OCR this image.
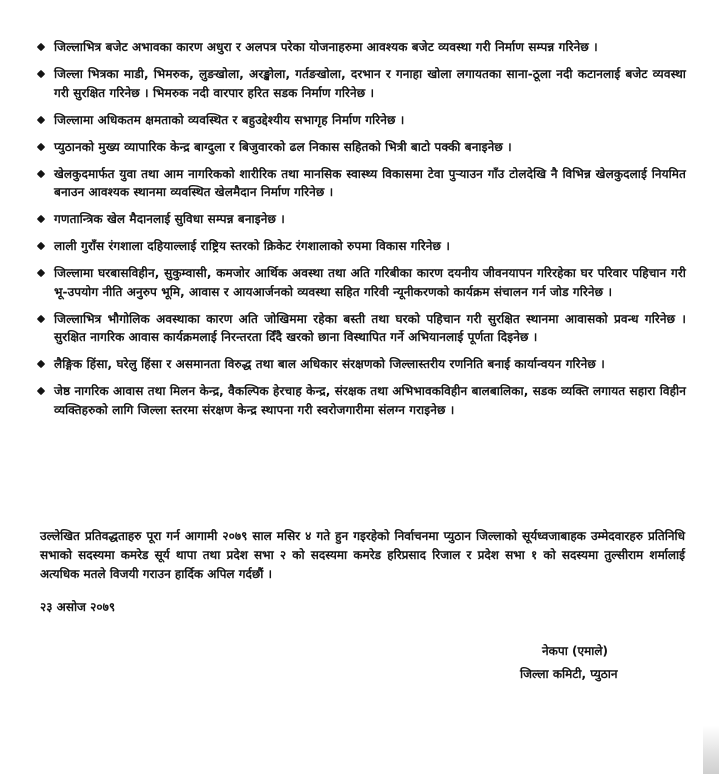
जिल्लाभित्र बजेट अभावका कारण अधुरा र अलपत्र परेका योजनाहरुमा आवश्यक बजेट व्यवस्था गरी निर्माण सम्पन्न गरिनेछ ।
जिल्ला भित्रका माडी, भिमरुक, लुङखोला, अरङ्खोला, गर्तङखोला, दरभान र गनाहा खोला लगायतका साना-ठूला नदी कटानलाई बजेट व्यवस्था गरी सुरक्षित गरिनेछ । भिमरुक नदी वारपार हरित सडक निर्माण गरिनेछ ।
जिल्लामा अधिकतम क्षमताको व्यवस्थित र बहुउद्देश्यीय सभागृह निर्माण गरिनेछ ।
प्युठानको मुख्य व्यापारिक केन्द्र बाग्दुला र बिजुवारको ढल निकास सहितको भित्री बाटो पक्की बनाइनेछ ।
खेलकुदमार्फत युवा तथा आम नागरिकको शारीरिक तथा मानसिक स्वास्थ्य विकासमा टेवा पुर्‍याउन गाँउ टोलदेखि नै विभिन्न खेलकुदलाई नियमित बनाउन आवश्यक स्थानमा व्यवस्थित खेलमैदान निर्माण गरिनेछ ।
गणतान्त्रिक खेल मैदानलाई सुविधा सम्पन्न बनाइनेछ ।
लाली गुराँस रंगशाला दहियाल्लाई राष्ट्रिय स्तरको क्रिकेट रंगशालाको रुपमा विकास गरिनेछ ।
जिल्लामा घरबासविहीन, सुकुम्वासी, कमजोर आर्थिक अवस्था तथा अति गरिबीका कारण दयनीय जीवनयापन गरिरहेका घर परिवार पहिचान गरी भू-उपयोग नीति अनुरुप भूमि, आवास र आयआर्जनको व्यवस्था सहित गरिवी न्यूनीकरणको कार्यक्रम संचालन गर्न जोड गरिनेछ ।
जिल्लाभित्र भौगोलिक अवस्थाका कारण अति जोखिममा रहेका बस्ती तथा घरको पहिचान गरी सुरक्षित स्थानमा आवासको प्रवन्ध गरिनेछ । सुरक्षित नागरिक आवास कार्यक्रमलाई निरन्तरता दिँदै खरको छाना विस्थापित गर्ने अभियानलाई पूर्णता दिइनेछ ।
लैङ्गिक हिंसा, घरेलु हिंसा र असमानता विरुद्ध तथा बाल अधिकार संरक्षणको जिल्लास्तरीय रणनिति बनाई कार्यान्वयन गरिनेछ ।
जेष्ठ नागरिक आवास तथा मिलन केन्द्र, वैकल्पिक हेरचाह केन्द्र, संरक्षक तथा अभिभावकविहीन बालबालिका, सडक व्यक्ति लगायत सहारा विहीन व्यक्तिहरुको लागि जिल्ला स्तरमा संरक्षण केन्द्र स्थापना गरी स्वरोजगारीमा संलग्न गराइनेछ ।

उल्लेखित प्रतिवद्धताहरु पूरा गर्न आगामी २०७९ साल मसिर ४ गते हुन गइरहेको निर्वाचनमा प्युठान जिल्लाको सूर्यध्वजाबाहक उम्मेदवारहरु प्रतिनिधि सभाको सदस्यमा कमरेड सूर्य थापा तथा प्रदेश सभा २ को सदस्यमा कमरेड हरिप्रसाद रिजाल र प्रदेश सभा १ को सदस्यमा तुल्सीराम शर्मालाई अत्यधिक मतले विजयी गराउन हार्दिक अपिल गर्दछौं ।

२३ असोज २०७९
नेकपा (एमाले)
जिल्ला कमिटी, प्युठान
